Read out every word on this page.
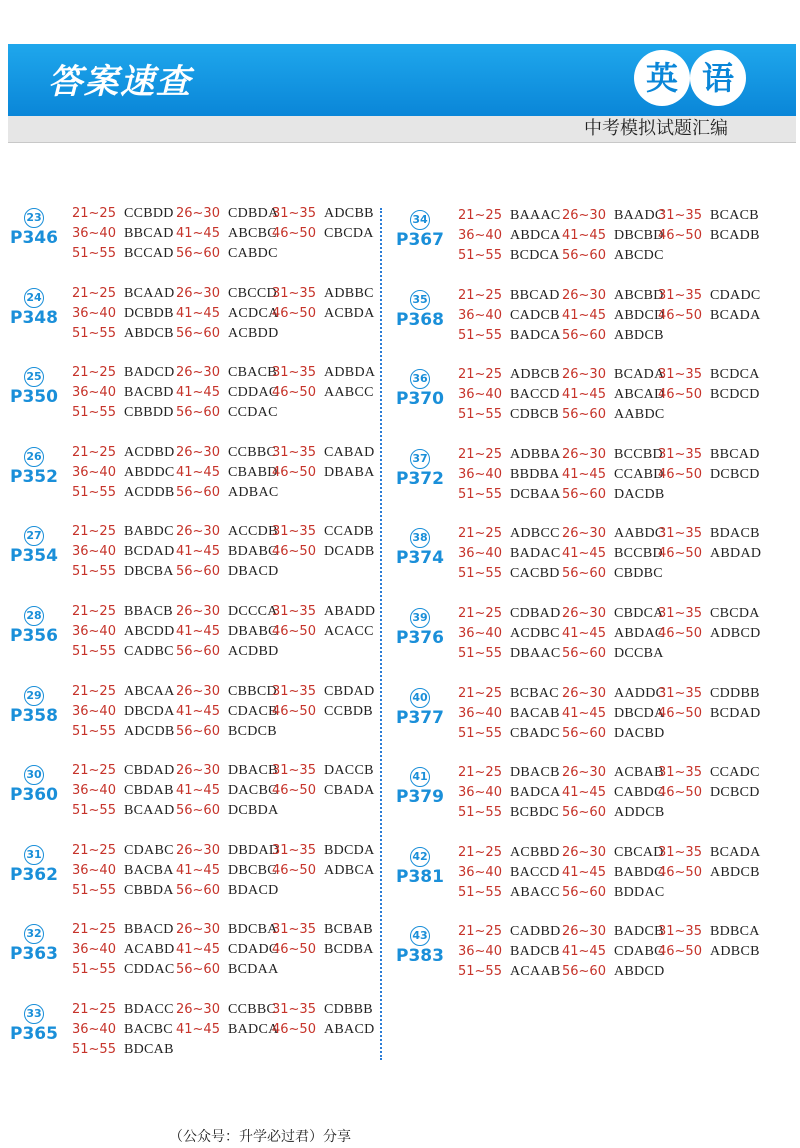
答案速查	英 语
中考模拟试题汇编
23
P346
21~25 CCBDD 26~30 CDBDA
31~35 ADCBB
36~40 BBCAD 41~45 ABCBC
46~50 CBCDA
51~55 BCCAD 56~60 CABDC
24
P348
21~25 BCAAD 26~30 CBCCD
31~35 ADBBC
36~40 DCBDB 41~45 ACDCA
46~50 ACBDA
51~55 ABDCB 56~60 ACBDD
25
P350
21~25 BADCD 26~30 CBACB
31~35 ADBDA
36~40 BACBD 41~45 CDDAC
46~50 AABCC
51~55 CBBDD 56~60 CCDAC
26
P352
21~25 ACDBD 26~30 CCBBC
31~35 CABAD
36~40 ABDDC 41~45 CBABD
46~50 DBABA
51~55 ACDDB 56~60 ADBAC
27
P354
21~25 BABDC 26~30 ACCDB
31~35 CCADB
36~40 BCDAD 41~45 BDABC
46~50 DCADB
51~55 DBCBA 56~60 DBACD
28
P356
21~25 BBACB 26~30 DCCCA
31~35 ABADD
36~40 ABCDD 41~45 DBABC
46~50 ACACC
51~55 CADBC 56~60 ACDBD
29
P358
21~25 ABCAA 26~30 CBBCD
31~35 CBDAD
36~40 DBCDA 41~45 CDACB
46~50 CCBDB
51~55 ADCDB 56~60 BCDCB
30
P360
21~25 CBDAD 26~30 DBACB
31~35 DACCB
36~40 CBDAB 41~45 DACBC
46~50 CBADA
51~55 BCAAD 56~60 DCBDA
31
P362
21~25 CDABC 26~30 DBDAD
31~35 BDCDA
36~40 BACBA 41~45 DBCBC
46~50 ADBCA
51~55 CBBDA 56~60 BDACD
32
P363
21~25 BBACD 26~30 BDCBA
31~35 BCBAB
36~40 ACABD 41~45 CDADC
46~50 BCDBA
51~55 CDDAC 56~60 BCDAA
33
P365
21~25 BDACC 26~30 CCBBC
31~35 CDBBB
36~40 BACBC 41~45 BADCA
46~50 ABACD
51~55 BDCAB
34
P367
21~25 BAAAC 26~30 BAADC
31~35 BCACB
36~40 ABDCA 41~45 DBCBD
46~50 BCADB
51~55 BCDCA 56~60 ABCDC
35
P368
21~25 BBCAD 26~30 ABCBD
31~35 CDADC
36~40 CADCB 41~45 ABDCD
46~50 BCADA
51~55 BADCA 56~60 ABDCB
36
P370
21~25 ADBCB 26~30 BCADA
31~35 BCDCA
36~40 BACCD 41~45 ABCAD
46~50 BCDCD
51~55 CDBCB 56~60 AABDC
37
P372
21~25 ADBBA 26~30 BCCBD
31~35 BBCAD
36~40 BBDBA 41~45 CCABD
46~50 DCBCD
51~55 DCBAA 56~60 DACDB
38
P374
21~25 ADBCC 26~30 AABDC
31~35 BDACB
36~40 BADAC 41~45 BCCBD
46~50 ABDAD
51~55 CACBD 56~60 CBDBC
39
P376
21~25 CDBAD 26~30 CBDCA
31~35 CBCDA
36~40 ACDBC 41~45 ABDAC
46~50 ADBCD
51~55 DBAAC 56~60 DCCBA
40
P377
21~25 BCBAC 26~30 AADDC
31~35 CDDBB
36~40 BACAB 41~45 DBCDA
46~50 BCDAD
51~55 CBADC 56~60 DACBD
41
P379
21~25 DBACB 26~30 ACBAB
31~35 CCADC
36~40 BADCA 41~45 CABDC
46~50 DCBCD
51~55 BCBDC 56~60 ADDCB
42
P381
21~25 ACBBD 26~30 CBCAD
31~35 BCADA
36~40 BACCD 41~45 BABDC
46~50 ABDCB
51~55 ABACC 56~60 BDDAC
43
P383
21~25 CADBD 26~30 BADCB
31~35 BDBCA
36~40 BADCB 41~45 CDABC
46~50 ADBCB
51~55 ACAAB 56~60 ABDCD
（公众号：升学必过君）分享
